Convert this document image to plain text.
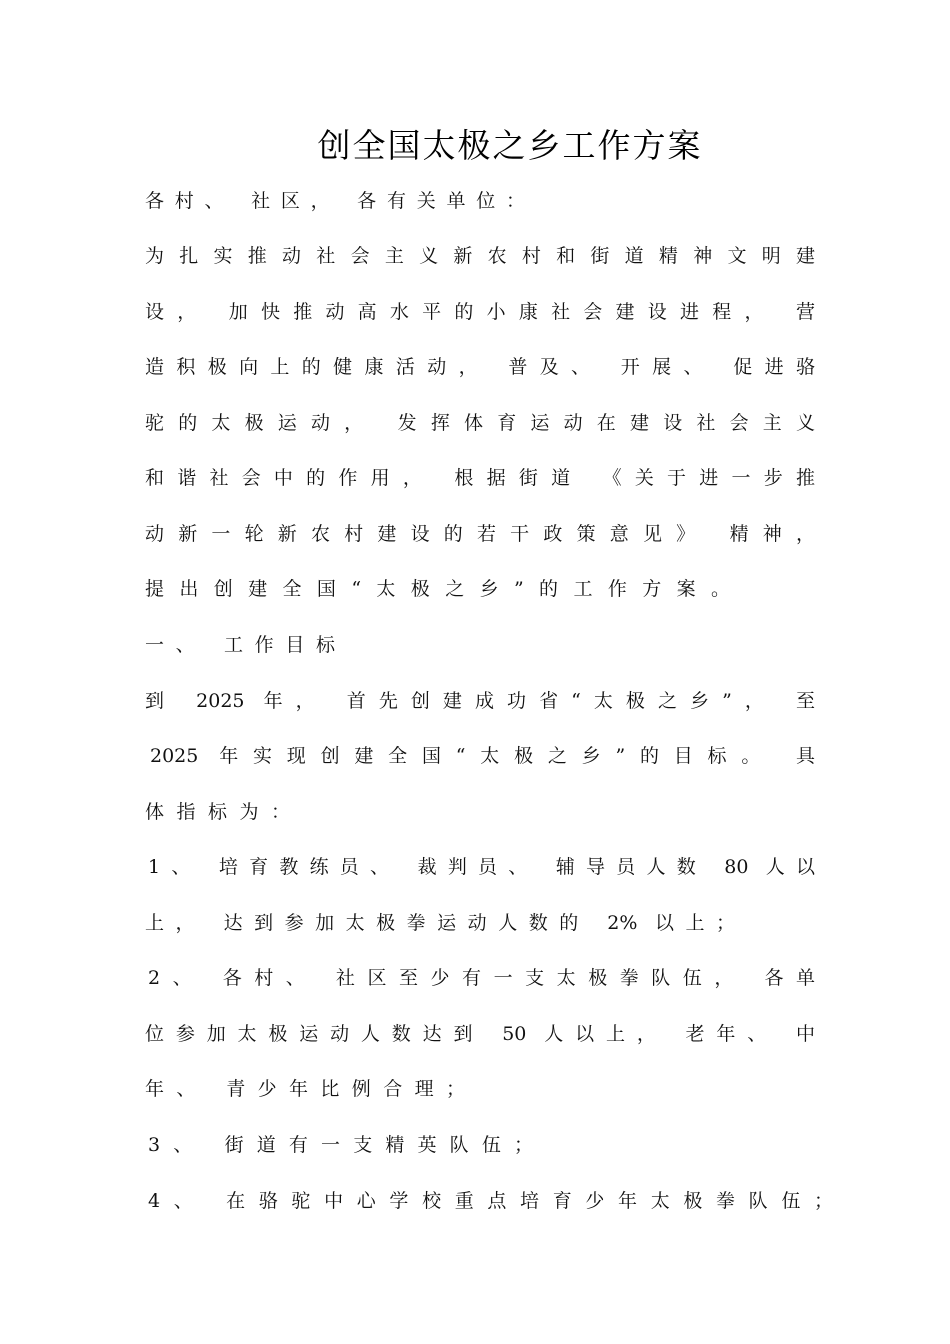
创全国太极之乡工作方案

各村、 社区， 各有关单位：

为扎实推动社会主义新农村和街道精神文明建

设， 加快推动高水平的小康社会建设进程， 营

造积极向上的健康活动， 普及、 开展、 促进骆

驼的太极运动， 发挥体育运动在建设社会主义

和谐社会中的作用， 根据街道 《关于进一步推

动新一轮新农村建设的若干政策意见》 精神，

提出创建全国“太极之乡”的工作方案。

一、 工作目标

到 2025 年， 首先创建成功省“太极之乡”， 至

2025 年实现创建全国“太极之乡”的目标。 具

体指标为：

1、 培育教练员、 裁判员、 辅导员人数 80 人以

上， 达到参加太极拳运动人数的 2% 以上；

2、 各村、 社区至少有一支太极拳队伍， 各单

位参加太极运动人数达到 50 人以上， 老年、 中

年、 青少年比例合理；

3、 街道有一支精英队伍；

4、 在骆驼中心学校重点培育少年太极拳队伍；
